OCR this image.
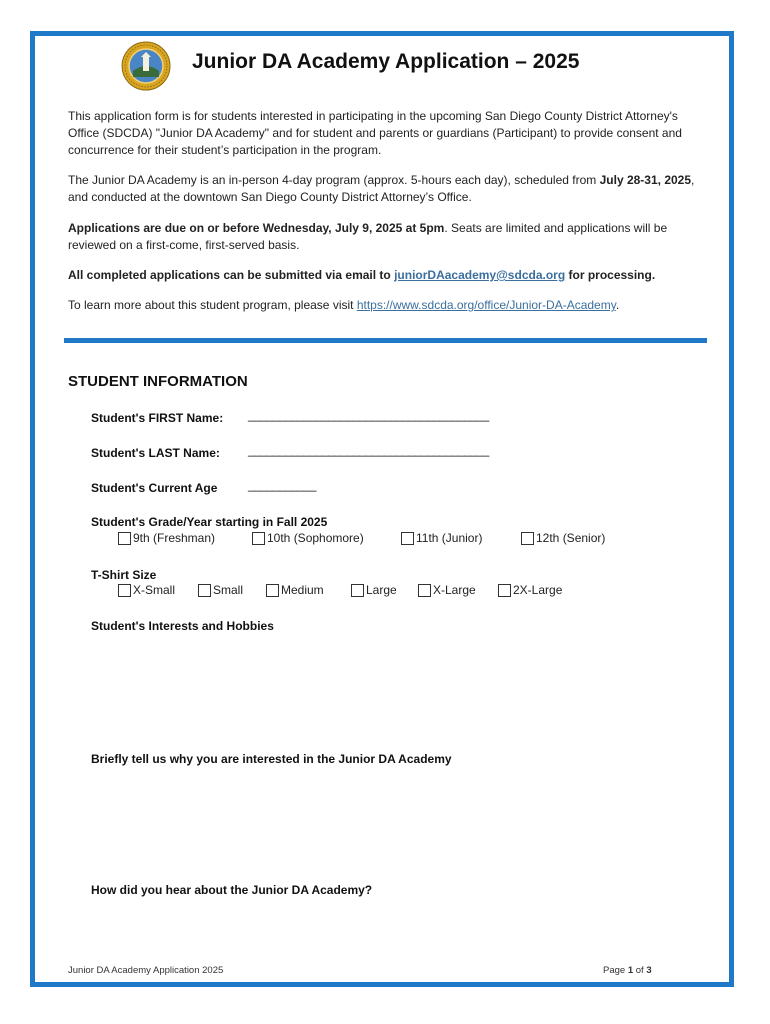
Junior DA Academy Application – 2025
This application form is for students interested in participating in the upcoming San Diego County District Attorney's Office (SDCDA) "Junior DA Academy" and for student and parents or guardians (Participant) to provide consent and concurrence for their student’s participation in the program.
The Junior DA Academy is an in-person 4-day program (approx. 5-hours each day), scheduled from July 28-31, 2025, and conducted at the downtown San Diego County District Attorney’s Office.
Applications are due on or before Wednesday, July 9, 2025 at 5pm. Seats are limited and applications will be reviewed on a first-come, first-served basis.
All completed applications can be submitted via email to juniorDAacademy@sdcda.org for processing.
To learn more about this student program, please visit https://www.sdcda.org/office/Junior-DA-Academy.
STUDENT INFORMATION
Student's FIRST Name: _______________________________________
Student's LAST Name: _______________________________________
Student's Current Age	___________
Student's Grade/Year starting in Fall 2025
9th (Freshman)	10th (Sophomore)	11th (Junior)	12th (Senior)
T-Shirt Size
X-Small	Small	Medium	Large	X-Large	2X-Large
Student's Interests and Hobbies
Briefly tell us why you are interested in the Junior DA Academy
How did you hear about the Junior DA Academy?
Junior DA Academy Application 2025	Page 1 of 3
